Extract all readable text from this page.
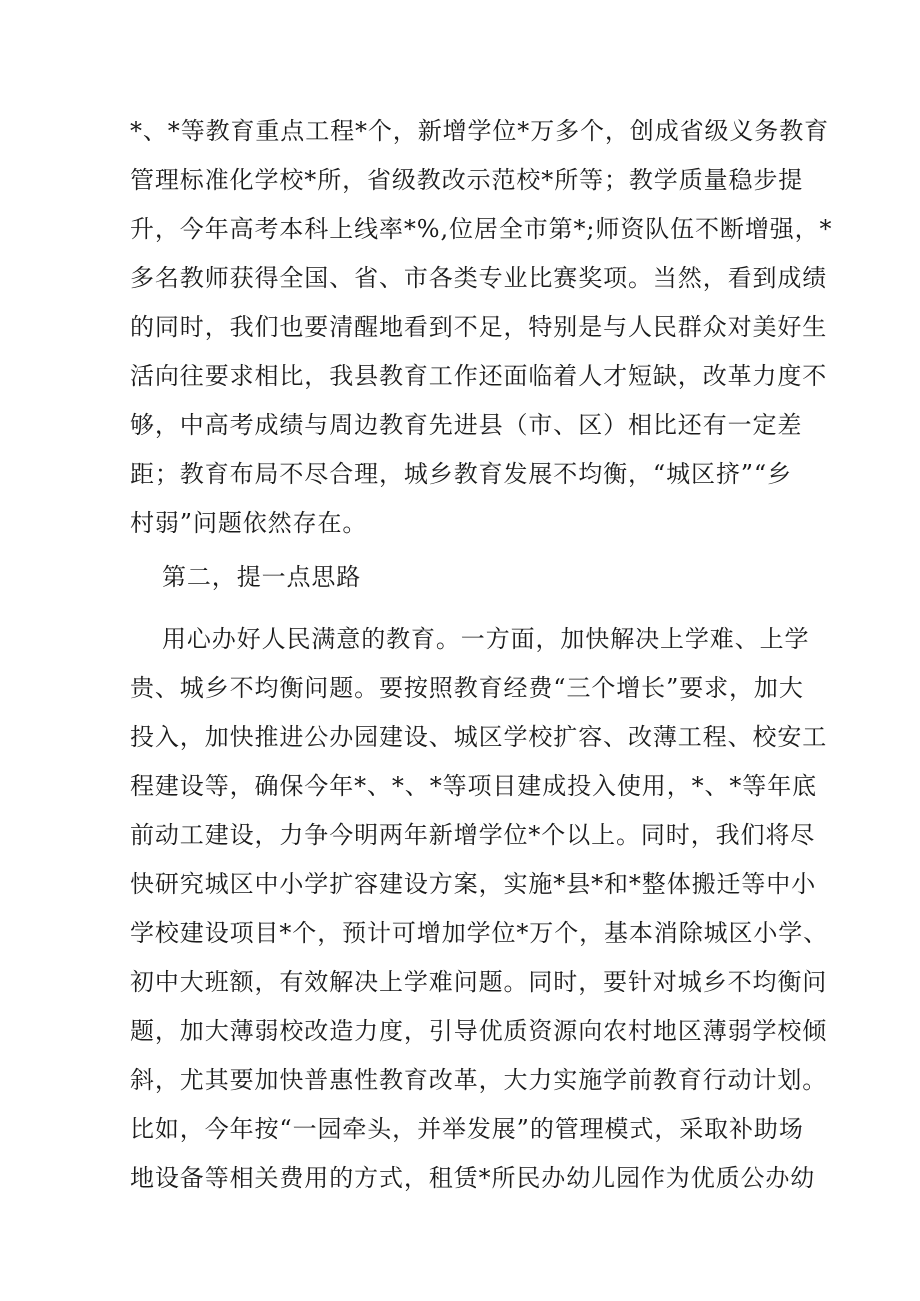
*、*等教育重点工程*个，新增学位*万多个，创成省级义务教育
管理标准化学校*所，省级教改示范校*所等；教学质量稳步提
升，今年高考本科上线率*%,位居全市第*;师资队伍不断增强，*
多名教师获得全国、省、市各类专业比赛奖项。当然，看到成绩
的同时，我们也要清醒地看到不足，特别是与人民群众对美好生
活向往要求相比，我县教育工作还面临着人才短缺，改革力度不
够，中高考成绩与周边教育先进县（市、区）相比还有一定差
距；教育布局不尽合理，城乡教育发展不均衡，“城区挤”“乡
村弱”问题依然存在。
第二，提一点思路
用心办好人民满意的教育。一方面，加快解决上学难、上学
贵、城乡不均衡问题。要按照教育经费“三个增长”要求，加大
投入，加快推进公办园建设、城区学校扩容、改薄工程、校安工
程建设等，确保今年*、*、*等项目建成投入使用，*、*等年底
前动工建设，力争今明两年新增学位*个以上。同时，我们将尽
快研究城区中小学扩容建设方案，实施*县*和*整体搬迁等中小
学校建设项目*个，预计可增加学位*万个，基本消除城区小学、
初中大班额，有效解决上学难问题。同时，要针对城乡不均衡问
题，加大薄弱校改造力度，引导优质资源向农村地区薄弱学校倾
斜，尤其要加快普惠性教育改革，大力实施学前教育行动计划。
比如，今年按“一园牵头，并举发展”的管理模式，采取补助场
地设备等相关费用的方式，租赁*所民办幼儿园作为优质公办幼
